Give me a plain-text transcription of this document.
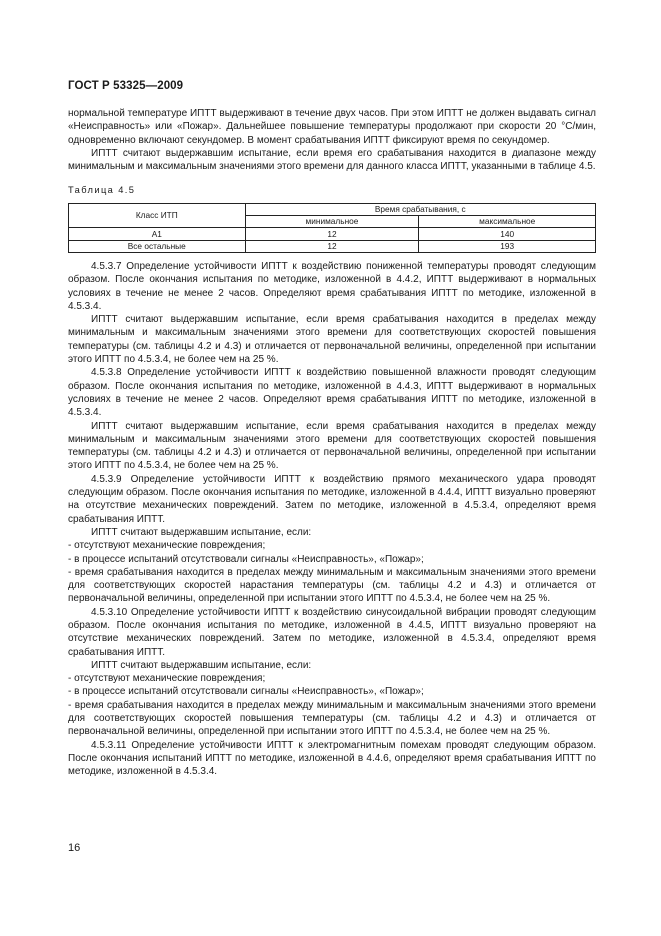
ГОСТ Р 53325—2009

нормальной температуре ИПТТ выдерживают в течение двух часов. При этом ИПТТ не должен выдавать сигнал «Неисправность» или «Пожар». Дальнейшее повышение температуры продолжают при скорости 20 °С/мин, одновременно включают секундомер. В момент срабатывания ИПТТ фиксируют время по секундомер.

ИПТТ считают выдержавшим испытание, если время его срабатывания находится в диапазоне между минимальным и максимальным значениями этого времени для данного класса ИПТТ, указанными в таблице 4.5.

Таблица 4.5
Класс ИТП	Время срабатывания, с	
	минимальное	максимальное
A1	12	140
Все остальные	12	193

4.5.3.7 Определение устойчивости ИПТТ к воздействию пониженной температуры проводят следующим образом. После окончания испытания по методике, изложенной в 4.4.2, ИПТТ выдерживают в нормальных условиях в течение не менее 2 часов. Определяют время срабатывания ИПТТ по методике, изложенной в 4.5.3.4.

ИПТТ считают выдержавшим испытание, если время срабатывания находится в пределах между минимальным и максимальным значениями этого времени для соответствующих скоростей повышения температуры (см. таблицы 4.2 и 4.3) и отличается от первоначальной величины, определенной при испытании этого ИПТТ по 4.5.3.4, не более чем на 25 %.

4.5.3.8 Определение устойчивости ИПТТ к воздействию повышенной влажности проводят следующим образом. После окончания испытания по методике, изложенной в 4.4.3, ИПТТ выдерживают в нормальных условиях в течение не менее 2 часов. Определяют время срабатывания ИПТТ по методике, изложенной в 4.5.3.4.

ИПТТ считают выдержавшим испытание, если время срабатывания находится в пределах между минимальным и максимальным значениями этого времени для соответствующих скоростей повышения температуры (см. таблицы 4.2 и 4.3) и отличается от первоначальной величины, определенной при испытании этого ИПТТ по 4.5.3.4, не более чем на 25 %.

4.5.3.9 Определение устойчивости ИПТТ к воздействию прямого механического удара проводят следующим образом. После окончания испытания по методике, изложенной в 4.4.4, ИПТТ визуально проверяют на отсутствие механических повреждений. Затем по методике, изложенной в 4.5.3.4, определяют время срабатывания ИПТТ.

ИПТТ считают выдержавшим испытание, если:

- отсутствуют механические повреждения;

- в процессе испытаний отсутствовали сигналы «Неисправность», «Пожар»;

- время срабатывания находится в пределах между минимальным и максимальным значениями этого времени для соответствующих скоростей нарастания температуры (см. таблицы 4.2 и 4.3) и отличается от первоначальной величины, определенной при испытании этого ИПТТ по 4.5.3.4, не более чем на 25 %.

4.5.3.10 Определение устойчивости ИПТТ к воздействию синусоидальной вибрации проводят следующим образом. После окончания испытания по методике, изложенной в 4.4.5, ИПТТ визуально проверяют на отсутствие механических повреждений. Затем по методике, изложенной в 4.5.3.4, определяют время срабатывания ИПТТ.

ИПТТ считают выдержавшим испытание, если:

- отсутствуют механические повреждения;

- в процессе испытаний отсутствовали сигналы «Неисправность», «Пожар»;

- время срабатывания находится в пределах между минимальным и максимальным значениями этого времени для соответствующих скоростей повышения температуры (см. таблицы 4.2 и 4.3) и отличается от первоначальной величины, определенной при испытании этого ИПТТ по 4.5.3.4, не более чем на 25 %.

4.5.3.11 Определение устойчивости ИПТТ к электромагнитным помехам проводят следующим образом. После окончания испытаний ИПТТ по методике, изложенной в 4.4.6, определяют время срабатывания ИПТТ по методике, изложенной в 4.5.3.4.

16
